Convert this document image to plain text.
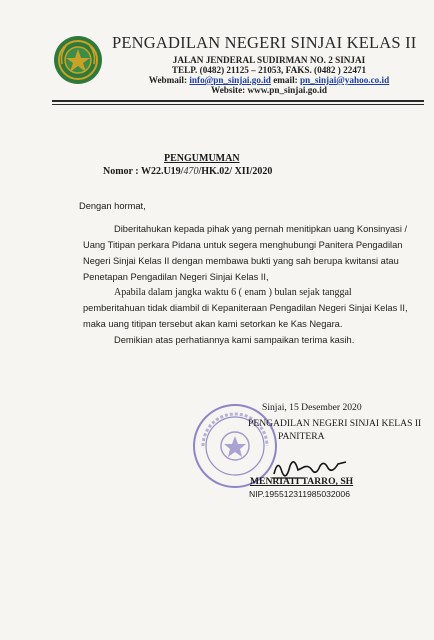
PENGADILAN NEGERI SINJAI KELAS II
JALAN JENDERAL SUDIRMAN NO. 2 SINJAI
TELP. (0482) 21125 – 21053, FAKS. (0482 ) 22471
Webmail: info@pn_sinjai.go.id email: pn_sinjai@yahoo.co.id
Website: www.pn_sinjai.go.id
PENGUMUMAN
Nomor : W22.U19/470/HK.02/ XII/2020
Dengan hormat,
Diberitahukan kepada pihak yang pernah menitipkan uang Konsinyasi /
Uang Titipan perkara Pidana untuk segera menghubungi Panitera Pengadilan
Negeri Sinjai Kelas II dengan membawa bukti yang sah berupa kwitansi atau
Penetapan Pengadilan Negeri Sinjai Kelas II,
Apabila dalam jangka waktu 6 ( enam ) bulan sejak tanggal
pemberitahuan tidak diambil di Kepaniteraan Pengadilan Negeri Sinjai Kelas II,
maka uang titipan tersebut akan kami setorkan ke Kas Negara.
Demikian atas perhatiannya kami sampaikan terima kasih.
Sinjai, 15 Desember 2020
PENGADILAN NEGERI SINJAI KELAS II
PANITERA
MENRIATI TARRO, SH
NIP.195512311985032006
